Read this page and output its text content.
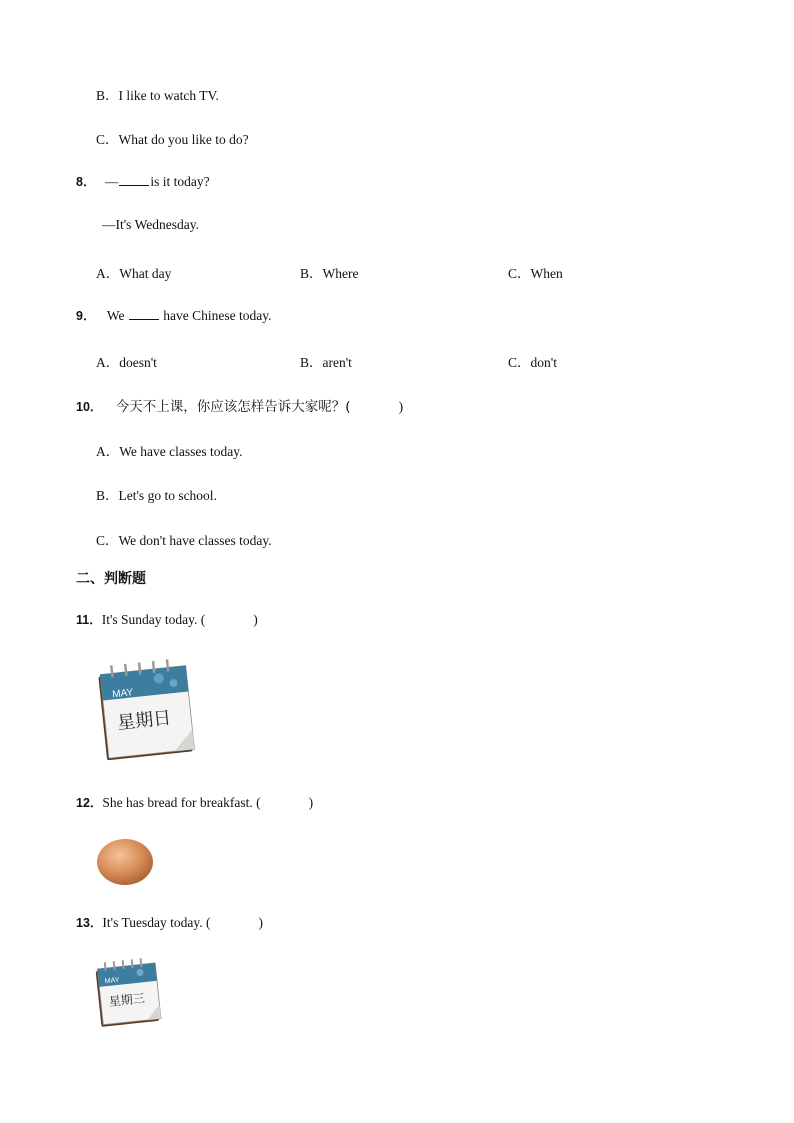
B．I like to watch TV.
C．What do you like to do?
8． — is it today?
—It's Wednesday.
A．What day	B．Where	C．When
9． We	have Chinese today.
A．doesn't	B．aren't	C．don't
10． 今天不上课，你应该怎样告诉大家呢？(	)
A．We have classes today.
B．Let's go to school.
C．We don't have classes today.
二、判断题
11．It's Sunday today. (	)
MAY
星期日
12．She has bread for breakfast. (	)
13．It's Tuesday today. (	)
MAY
星期三
